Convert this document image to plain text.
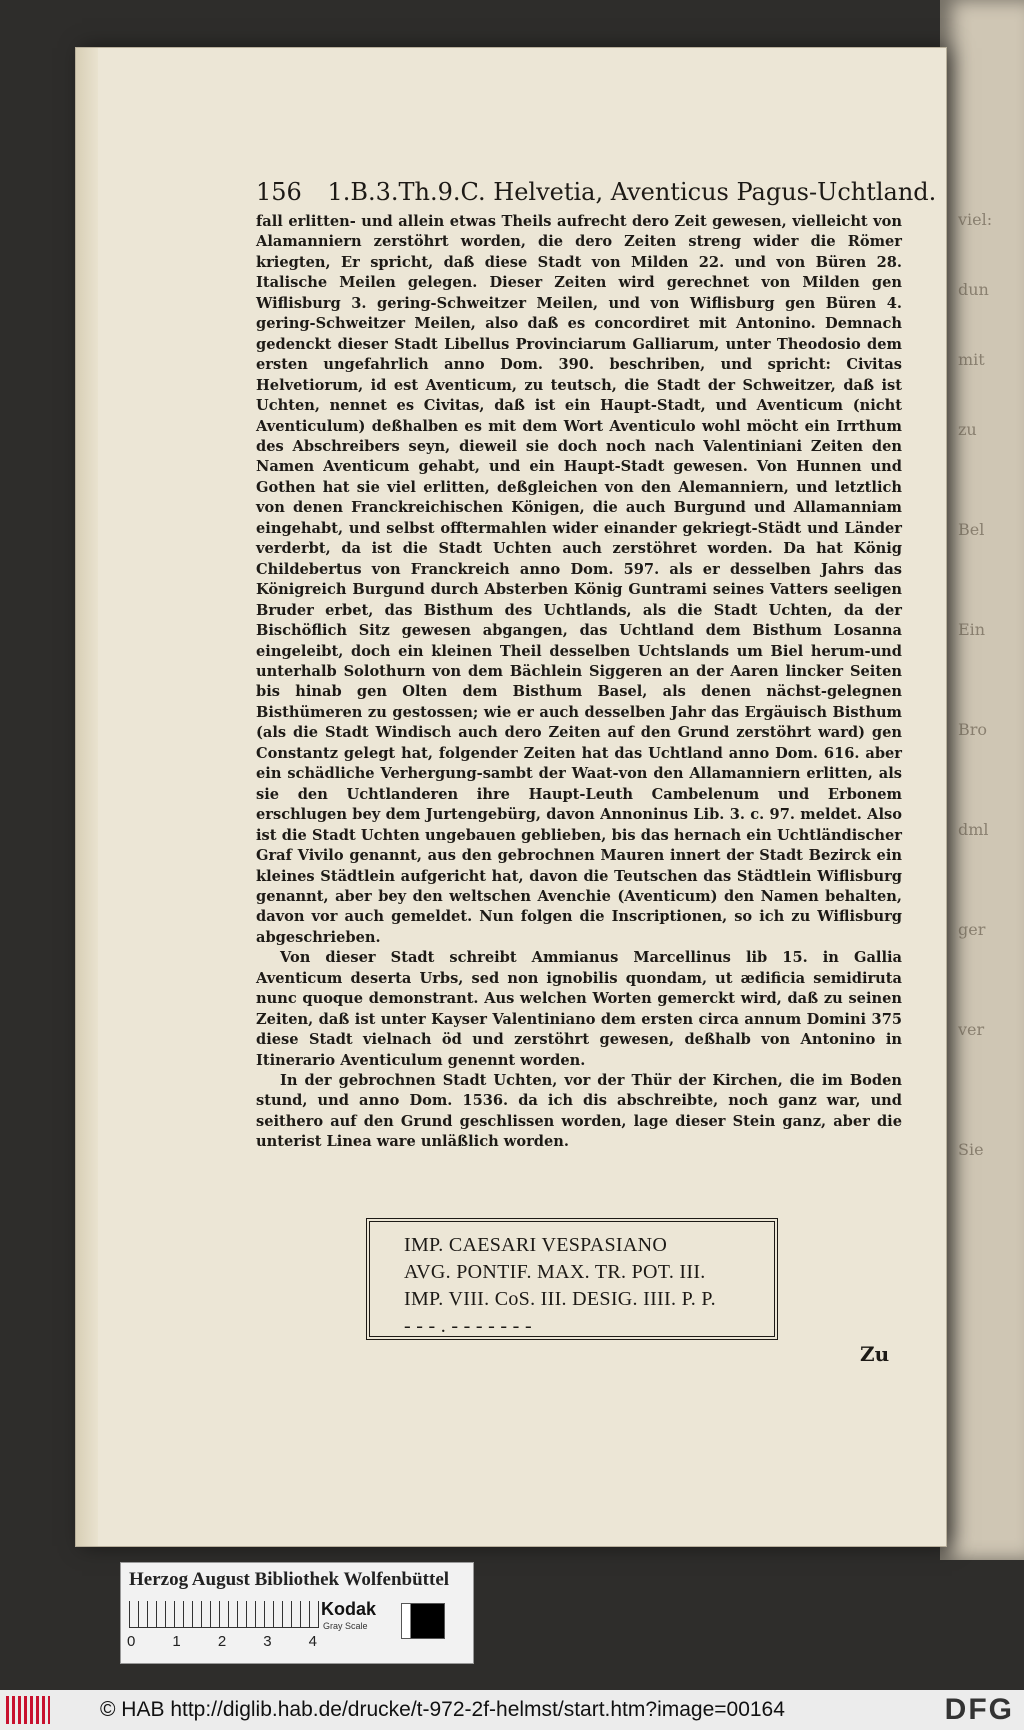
viel:
dun
mit
zu
Bel
Ein
Bro
dml
ger
ver
Sie
156 1.B.3.Th.9.C. Helvetia, Aventicus Pagus-Uchtland.

fall erlitten- und allein etwas Theils aufrecht dero Zeit gewesen, vielleicht von Alamanniern zerstöhrt worden, die dero Zeiten streng wider die Römer kriegten, Er spricht, daß diese Stadt von Milden 22. und von Büren 28. Italische Meilen gelegen. Dieser Zeiten wird gerechnet von Milden gen Wiflisburg 3. gering-Schweitzer Meilen, und von Wiflisburg gen Büren 4. gering-Schweitzer Meilen, also daß es concordiret mit Antonino. Demnach gedenckt dieser Stadt Libellus Provinciarum Galliarum, unter Theodosio dem ersten ungefahrlich anno Dom. 390. beschriben, und spricht: Civitas Helvetiorum, id est Aventicum, zu teutsch, die Stadt der Schweitzer, daß ist Uchten, nennet es Civitas, daß ist ein Haupt-Stadt, und Aventicum (nicht Aventiculum) deßhalben es mit dem Wort Aventiculo wohl möcht ein Irrthum des Abschreibers seyn, dieweil sie doch noch nach Valentiniani Zeiten den Namen Aventicum gehabt, und ein Haupt-Stadt gewesen. Von Hunnen und Gothen hat sie viel erlitten, deßgleichen von den Alemanniern, und letztlich von denen Franckreichischen Königen, die auch Burgund und Allamanniam eingehabt, und selbst offtermahlen wider einander gekriegt-Städt und Länder verderbt, da ist die Stadt Uchten auch zerstöhret worden. Da hat König Childebertus von Franckreich anno Dom. 597. als er desselben Jahrs das Königreich Burgund durch Absterben König Guntrami seines Vatters seeligen Bruder erbet, das Bisthum des Uchtlands, als die Stadt Uchten, da der Bischöflich Sitz gewesen abgangen, das Uchtland dem Bisthum Losanna eingeleibt, doch ein kleinen Theil desselben Uchtslands um Biel herum-und unterhalb Solothurn von dem Bächlein Siggeren an der Aaren lincker Seiten bis hinab gen Olten dem Bisthum Basel, als denen nächst-gelegnen Bisthümeren zu gestossen; wie er auch desselben Jahr das Ergäuisch Bisthum (als die Stadt Windisch auch dero Zeiten auf den Grund zerstöhrt ward) gen Constantz gelegt hat, folgender Zeiten hat das Uchtland anno Dom. 616. aber ein schädliche Verhergung-sambt der Waat-von den Allamanniern erlitten, als sie den Uchtlanderen ihre Haupt-Leuth Cambelenum und Erbonem erschlugen bey dem Jurtengebürg, davon Annoninus Lib. 3. c. 97. meldet. Also ist die Stadt Uchten ungebauen geblieben, bis das hernach ein Uchtländischer Graf Vivilo genannt, aus den gebrochnen Mauren innert der Stadt Bezirck ein kleines Städtlein aufgericht hat, davon die Teutschen das Städtlein Wiflisburg genannt, aber bey den weltschen Avenchie (Aventicum) den Namen behalten, davon vor auch gemeldet. Nun folgen die Inscriptionen, so ich zu Wiflisburg abgeschrieben.

Von dieser Stadt schreibt Ammianus Marcellinus lib 15. in Gallia Aventicum deserta Urbs, sed non ignobilis quondam, ut ædificia semidiruta nunc quoque demonstrant. Aus welchen Worten gemerckt wird, daß zu seinen Zeiten, daß ist unter Kayser Valentiniano dem ersten circa annum Domini 375 diese Stadt vielnach öd und zerstöhrt gewesen, deßhalb von Antonino in Itinerario Aventiculum genennt worden.

In der gebrochnen Stadt Uchten, vor der Thür der Kirchen, die im Boden stund, und anno Dom. 1536. da ich dis abschreibte, noch ganz war, und seithero auf den Grund geschlissen worden, lage dieser Stein ganz, aber die unterist Linea ware unläßlich worden.

IMP. CAESARI VESPASIANO
AVG. PONTIF. MAX. TR. POT. III.
IMP. VIII. CoS. III. DESIG. IIII. P. P.
- - - . - - - - - - -
Zu
Herzog August Bibliothek Wolfenbüttel
0 1 2 3 4
Kodak
Gray Scale
© HAB http://diglib.hab.de/drucke/t-972-2f-helmst/start.htm?image=00164	DFG
